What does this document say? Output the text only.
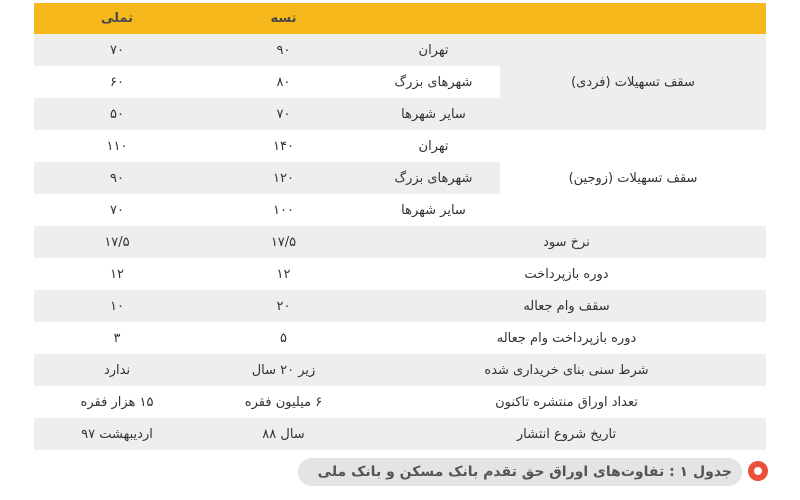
		تسه	تملی
سقف تسهیلات (فردی)	تهران	۹۰	۷۰
	شهرهای بزرگ	۸۰	۶۰
	سایر شهرها	۷۰	۵۰
سقف تسهیلات (زوجین)	تهران	۱۴۰	۱۱۰
	شهرهای بزرگ	۱۲۰	۹۰
	سایر شهرها	۱۰۰	۷۰
نرخ سود		۱۷/۵	۱۷/۵
دوره بازپرداخت		۱۲	۱۲
سقف وام جعاله		۲۰	۱۰
دوره بازپرداخت وام جعاله		۵	۳
شرط سنی بنای خریداری شده		زیر ۲۰ سال	ندارد
تعداد اوراق منتشره تاکنون		۶ میلیون فقره	۱۵ هزار فقره
تاریخ شروع انتشار		سال ۸۸	اردیبهشت ۹۷
جدول ۱ : تفاوت‌های اوراق حق تقدم بانک مسکن و بانک ملی
